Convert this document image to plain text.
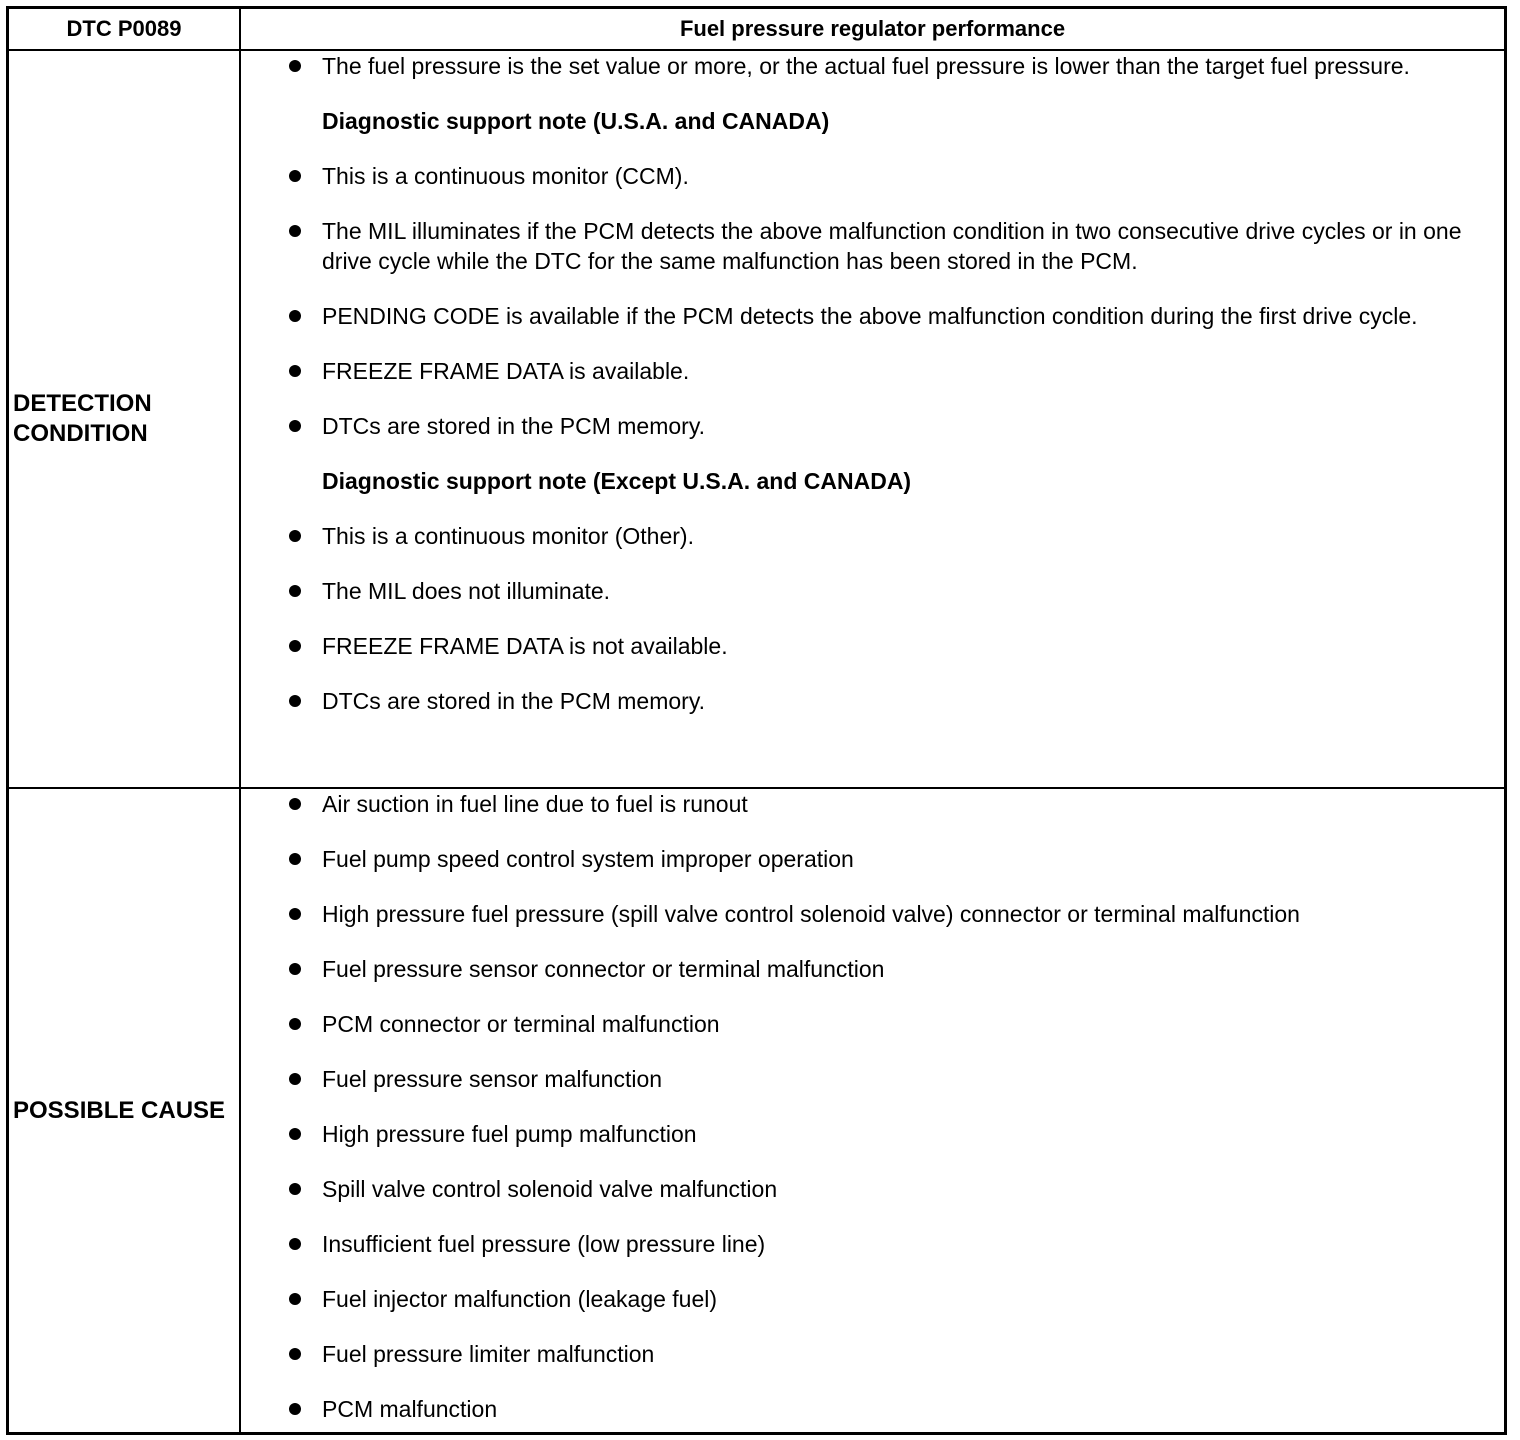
DTC P0089	Fuel pressure regulator performance
DETECTION CONDITION
The fuel pressure is the set value or more, or the actual fuel pressure is lower than the target fuel pressure.
Diagnostic support note (U.S.A. and CANADA)
This is a continuous monitor (CCM).
The MIL illuminates if the PCM detects the above malfunction condition in two consecutive drive cycles or in one drive cycle while the DTC for the same malfunction has been stored in the PCM.
PENDING CODE is available if the PCM detects the above malfunction condition during the first drive cycle.
FREEZE FRAME DATA is available.
DTCs are stored in the PCM memory.
Diagnostic support note (Except U.S.A. and CANADA)
This is a continuous monitor (Other).
The MIL does not illuminate.
FREEZE FRAME DATA is not available.
DTCs are stored in the PCM memory.
POSSIBLE CAUSE
Air suction in fuel line due to fuel is runout
Fuel pump speed control system improper operation
High pressure fuel pressure (spill valve control solenoid valve) connector or terminal malfunction
Fuel pressure sensor connector or terminal malfunction
PCM connector or terminal malfunction
Fuel pressure sensor malfunction
High pressure fuel pump malfunction
Spill valve control solenoid valve malfunction
Insufficient fuel pressure (low pressure line)
Fuel injector malfunction (leakage fuel)
Fuel pressure limiter malfunction
PCM malfunction
